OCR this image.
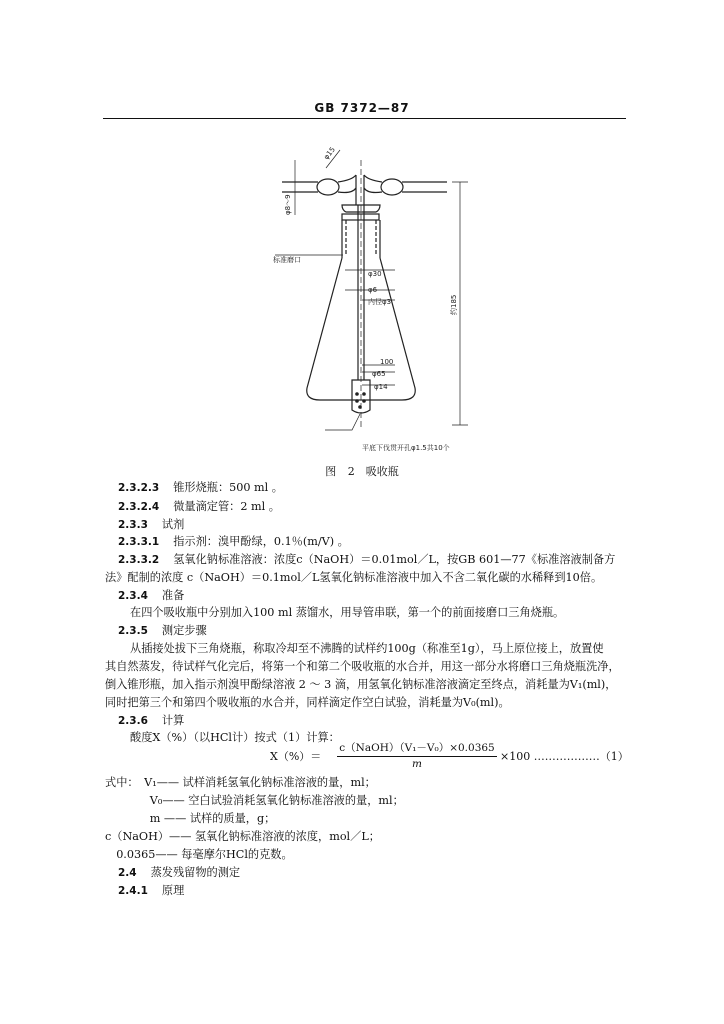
GB 7372—87
φ15
φ8～9
标准磨口
φ30
φ6
内径φ3	约185
100
φ65
φ14
平底下伐贯开孔φ1.5共10个
图 2　吸收瓶
2.3.2.3 锥形烧瓶：500 ml 。
2.3.2.4 微量滴定管：2 ml 。
2.3.3 试剂
2.3.3.1 指示剂：溴甲酚绿，0.1％(m/V) 。
2.3.3.2 氢氧化钠标准溶液：浓度c（NaOH）＝0.01mol／L，按GB 601—77《标准溶液制备方
法》配制的浓度 c（NaOH）＝0.1mol／L氢氧化钠标准溶液中加入不含二氧化碳的水稀释到10倍。
2.3.4 准备
在四个吸收瓶中分别加入100 ml 蒸馏水，用导管串联，第一个的前面接磨口三角烧瓶。
2.3.5 测定步骤
从插接处拔下三角烧瓶，称取冷却至不沸腾的试样约100g（称准至1g），马上原位接上，放置使
其自然蒸发，待试样气化完后，将第一个和第二个吸收瓶的水合并，用这一部分水将磨口三角烧瓶洗净，
倒入锥形瓶，加入指示剂溴甲酚绿溶液 2 ～ 3 滴，用氢氧化钠标准溶液滴定至终点，消耗量为V₁(ml)，
同时把第三个和第四个吸收瓶的水合并，同样滴定作空白试验，消耗量为V₀(ml)。
2.3.6 计算
酸度X（%）（以HCl计）按式（1）计算：
X（%）＝
c（NaOH）（V₁－V₀）×0.0365
m
×100 ………………（1）
式中：　V₁—— 试样消耗氢氧化钠标准溶液的量，ml；
　　　　V₀—— 空白试验消耗氢氧化钠标准溶液的量，ml；
　　　　m —— 试样的质量，g；
c（NaOH）—— 氢氧化钠标准溶液的浓度，mol／L；
　0.0365—— 每毫摩尔HCl的克数。
2.4 蒸发残留物的测定
2.4.1 原理
